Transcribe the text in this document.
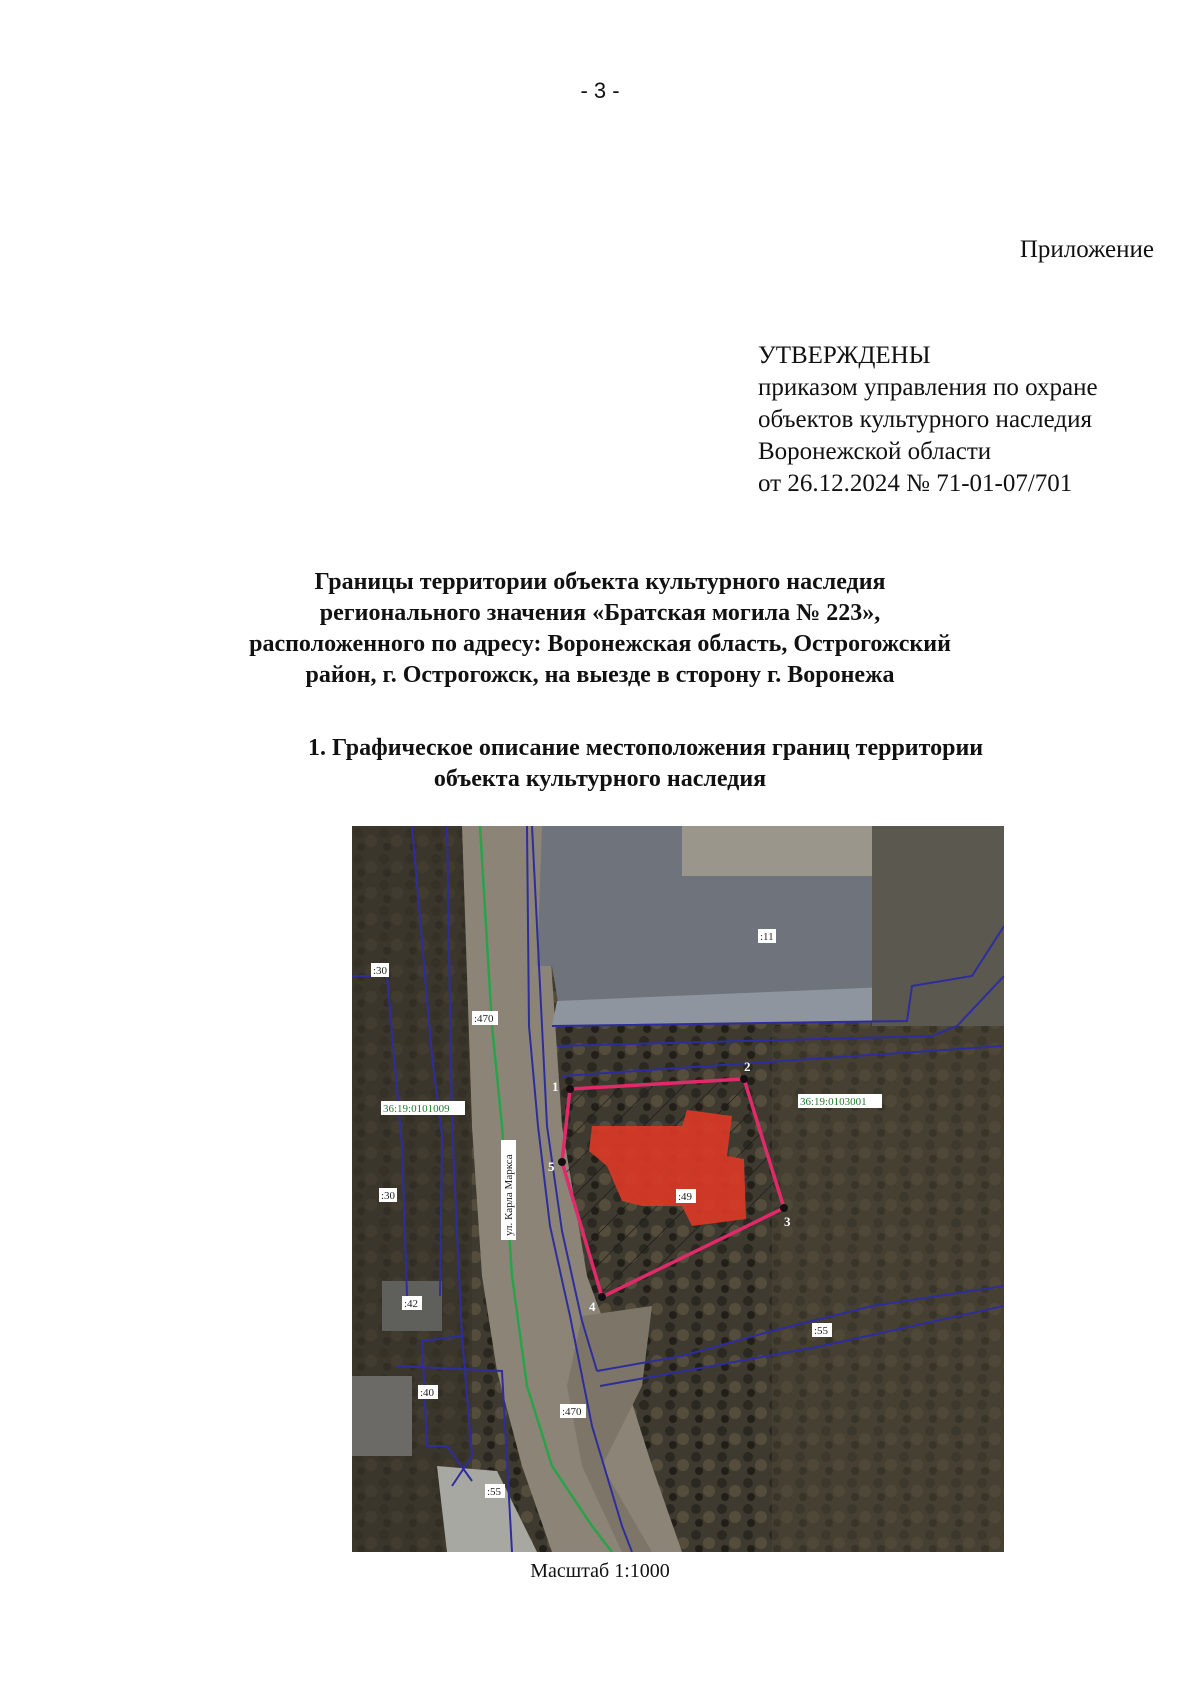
- 3 -
Приложение
УТВЕРЖДЕНЫ
приказом управления по охране
объектов культурного наследия
Воронежской области
от 26.12.2024 № 71-01-07/701
Границы территории объекта культурного наследия
регионального значения «Братская могила № 223»,
расположенного по адресу: Воронежская область, Острогожский
район, г. Острогожск, на выезде в сторону г. Воронежа
1. Графическое описание местоположения границ территории
объекта культурного наследия
1
2
3
4
5
:30
:470
36:19:0101009
:30
:42
:40
:470
:55
:11
36:19:0103001
:49
:55
ул. Карла Маркса
Масштаб 1:1000
